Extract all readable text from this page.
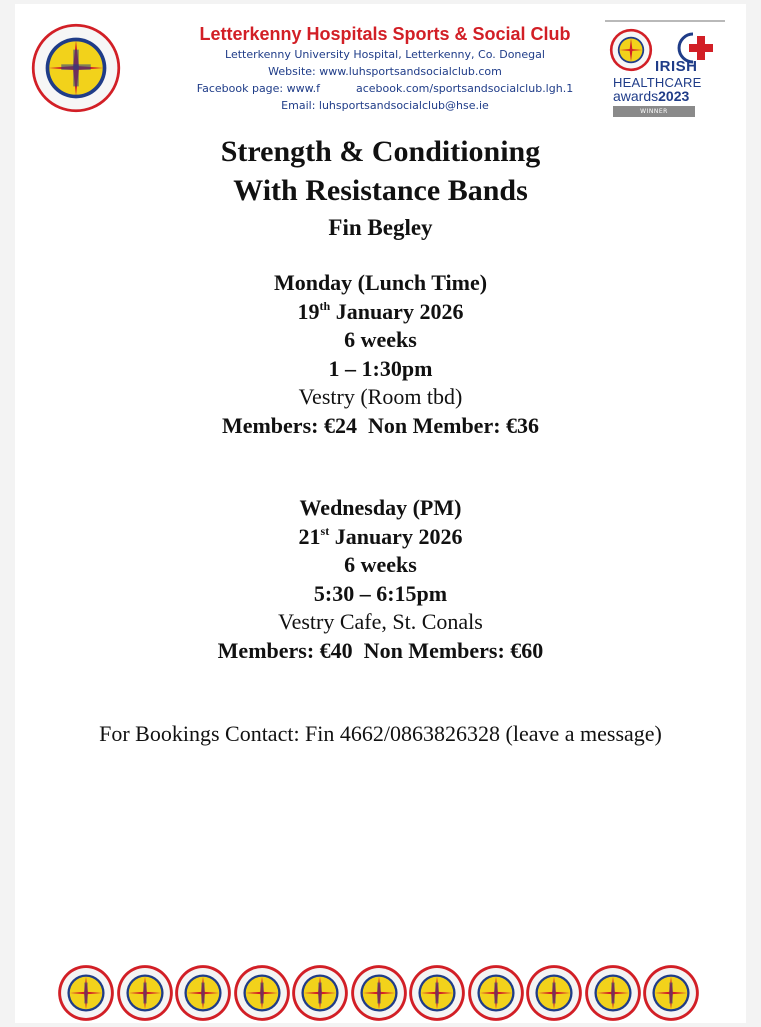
Letterkenny Hospitals Sports & Social Club
Letterkenny University Hospital, Letterkenny, Co. Donegal
Website: www.luhsportsandsocialclub.com
Facebook page: www.f	acebook.com/sportsandsocialclub.lgh.1
Email: luhsportsandsocialclub@hse.ie
IRISH
HEALTHCARE
awards2023
WINNER
Strength & Conditioning
With Resistance Bands
Fin Begley
Monday (Lunch Time)
19th January 2026
6 weeks
1 – 1:30pm
Vestry (Room tbd)
Members: €24  Non Member: €36
Wednesday (PM)
21st January 2026
6 weeks
5:30 – 6:15pm
Vestry Cafe, St. Conals
Members: €40  Non Members: €60
For Bookings Contact: Fin 4662/0863826328 (leave a message)
